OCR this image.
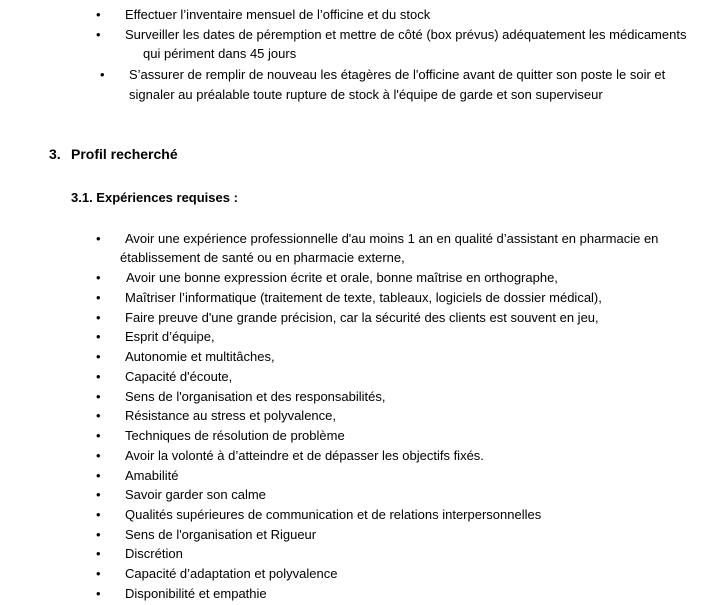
• Effectuer l’inventaire mensuel de l’officine et du stock
• Surveiller les dates de péremption et mettre de côté (box prévus) adéquatement les médicaments
qui périment dans 45 jours
• S’assurer de remplir de nouveau les étagères de l'officine avant de quitter son poste le soir et
signaler au préalable toute rupture de stock à l'équipe de garde et son superviseur
3. Profil recherché
3.1. Expériences requises :
• Avoir une expérience professionnelle d'au moins 1 an en qualité d’assistant en pharmacie en
établissement de santé ou en pharmacie externe,
• Avoir une bonne expression écrite et orale, bonne maîtrise en orthographe,
• Maîtriser l’informatique (traitement de texte, tableaux, logiciels de dossier médical),
• Faire preuve d'une grande précision, car la sécurité des clients est souvent en jeu,
• Esprit d’équipe,
• Autonomie et multitâches,
• Capacité d'écoute,
• Sens de l'organisation et des responsabilités,
• Résistance au stress et polyvalence,
• Techniques de résolution de problème
• Avoir la volonté à d’atteindre et de dépasser les objectifs fixés.
• Amabilité
• Savoir garder son calme
• Qualités supérieures de communication et de relations interpersonnelles
• Sens de l'organisation et Rigueur
• Discrétion
• Capacité d’adaptation et polyvalence
• Disponibilité et empathie
